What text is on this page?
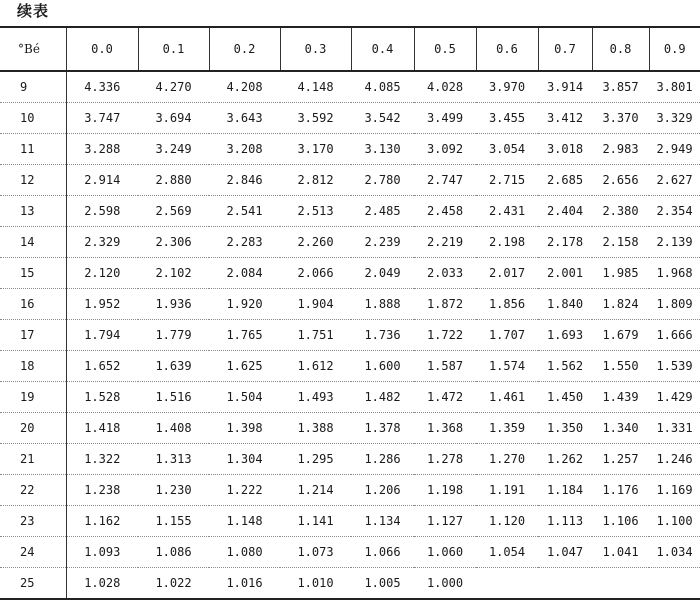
续表
°Bé	0.0	0.1	0.2	0.3	0.4	0.5	0.6	0.7	0.8	0.9
9	4.336	4.270	4.208	4.148	4.085	4.028	3.970	3.914	3.857	3.801
10	3.747	3.694	3.643	3.592	3.542	3.499	3.455	3.412	3.370	3.329
11	3.288	3.249	3.208	3.170	3.130	3.092	3.054	3.018	2.983	2.949
12	2.914	2.880	2.846	2.812	2.780	2.747	2.715	2.685	2.656	2.627
13	2.598	2.569	2.541	2.513	2.485	2.458	2.431	2.404	2.380	2.354
14	2.329	2.306	2.283	2.260	2.239	2.219	2.198	2.178	2.158	2.139
15	2.120	2.102	2.084	2.066	2.049	2.033	2.017	2.001	1.985	1.968
16	1.952	1.936	1.920	1.904	1.888	1.872	1.856	1.840	1.824	1.809
17	1.794	1.779	1.765	1.751	1.736	1.722	1.707	1.693	1.679	1.666
18	1.652	1.639	1.625	1.612	1.600	1.587	1.574	1.562	1.550	1.539
19	1.528	1.516	1.504	1.493	1.482	1.472	1.461	1.450	1.439	1.429
20	1.418	1.408	1.398	1.388	1.378	1.368	1.359	1.350	1.340	1.331
21	1.322	1.313	1.304	1.295	1.286	1.278	1.270	1.262	1.257	1.246
22	1.238	1.230	1.222	1.214	1.206	1.198	1.191	1.184	1.176	1.169
23	1.162	1.155	1.148	1.141	1.134	1.127	1.120	1.113	1.106	1.100
24	1.093	1.086	1.080	1.073	1.066	1.060	1.054	1.047	1.041	1.034
25	1.028	1.022	1.016	1.010	1.005	1.000				
